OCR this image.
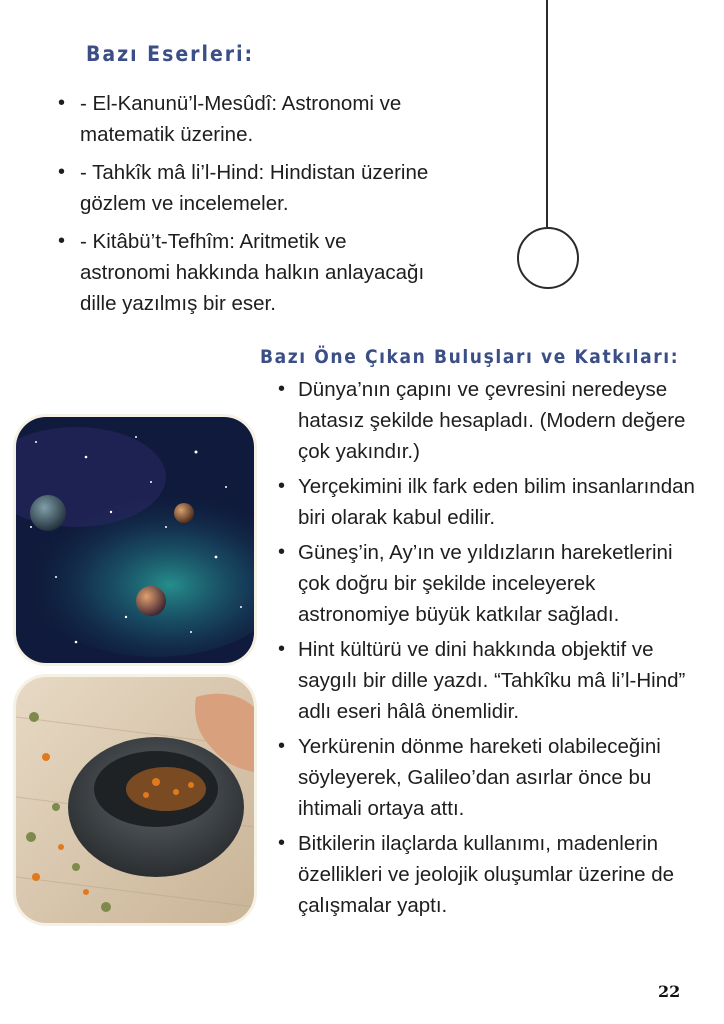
Bazı Eserleri:
• - El-Kanunü’l-Mesûdî: Astronomi ve matematik üzerine.
• - Tahkîk mâ li’l-Hind: Hindistan üzerine gözlem ve incelemeler.
• - Kitâbü’t-Tefhîm: Aritmetik ve astronomi hakkında halkın anlayacağı dille yazılmış bir eser.
Bazı Öne Çıkan Buluşları ve Katkıları:
• Dünya’nın çapını ve çevresini neredeyse hatasız şekilde hesapladı. (Modern değere çok yakındır.)
• Yerçekimini ilk fark eden bilim insanlarından biri olarak kabul edilir.
• Güneş’in, Ay’ın ve yıldızların hareketlerini çok doğru bir şekilde inceleyerek astronomiye büyük katkılar sağladı.
• Hint kültürü ve dini hakkında objektif ve saygılı bir dille yazdı. “Tahkîku mâ li’l-Hind” adlı eseri hâlâ önemlidir.
• Yerkürenin dönme hareketi olabileceğini söyleyerek, Galileo’dan asırlar önce bu ihtimali ortaya attı.
• Bitkilerin ilaçlarda kullanımı, madenlerin özellikleri ve jeolojik oluşumlar üzerine de çalışmalar yaptı.

22
